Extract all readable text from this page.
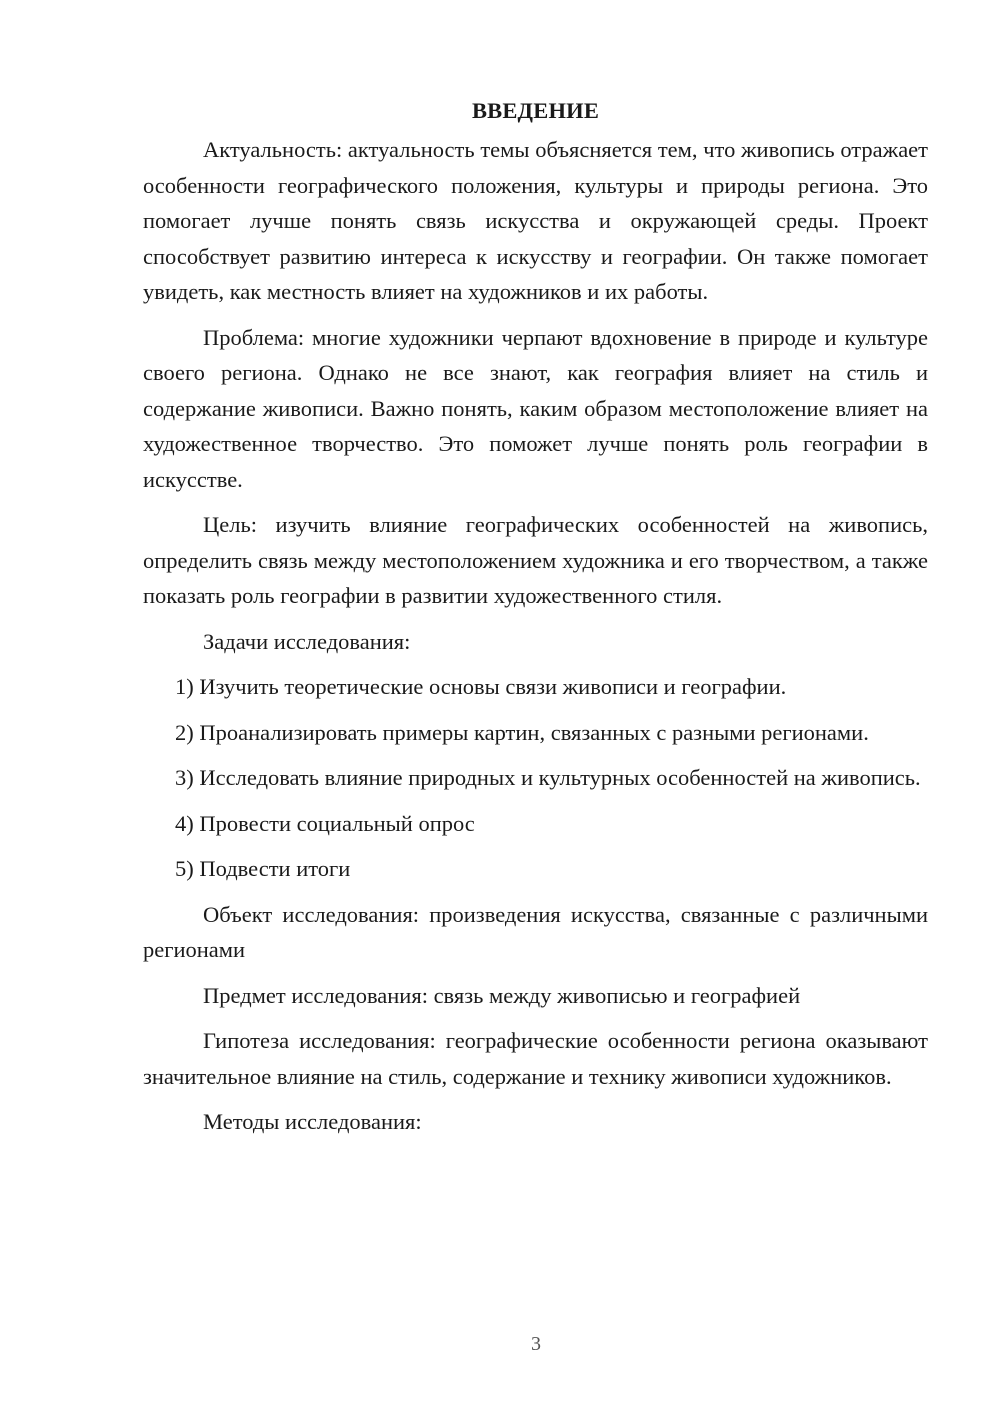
ВВЕДЕНИЕ

Актуальность: актуальность темы объясняется тем, что живопись отражает особенности географического положения, культуры и природы региона. Это помогает лучше понять связь искусства и окружающей среды. Проект способствует развитию интереса к искусству и географии. Он также помогает увидеть, как местность влияет на художников и их работы.

Проблема: многие художники черпают вдохновение в природе и культуре своего региона. Однако не все знают, как география влияет на стиль и содержание живописи. Важно понять, каким образом местоположение влияет на художественное творчество. Это поможет лучше понять роль географии в искусстве.

Цель: изучить влияние географических особенностей на живопись, определить связь между местоположением художника и его творчеством, а также показать роль географии в развитии художественного стиля.

Задачи исследования:

1) Изучить теоретические основы связи живописи и географии.

2) Проанализировать примеры картин, связанных с разными регионами.

3) Исследовать влияние природных и культурных особенностей на живопись.

4) Провести социальный опрос

5) Подвести итоги

Объект исследования: произведения искусства, связанные с различными регионами

Предмет исследования: связь между живописью и географией

Гипотеза исследования: географические особенности региона оказывают значительное влияние на стиль, содержание и технику живописи художников.

Методы исследования:

3
